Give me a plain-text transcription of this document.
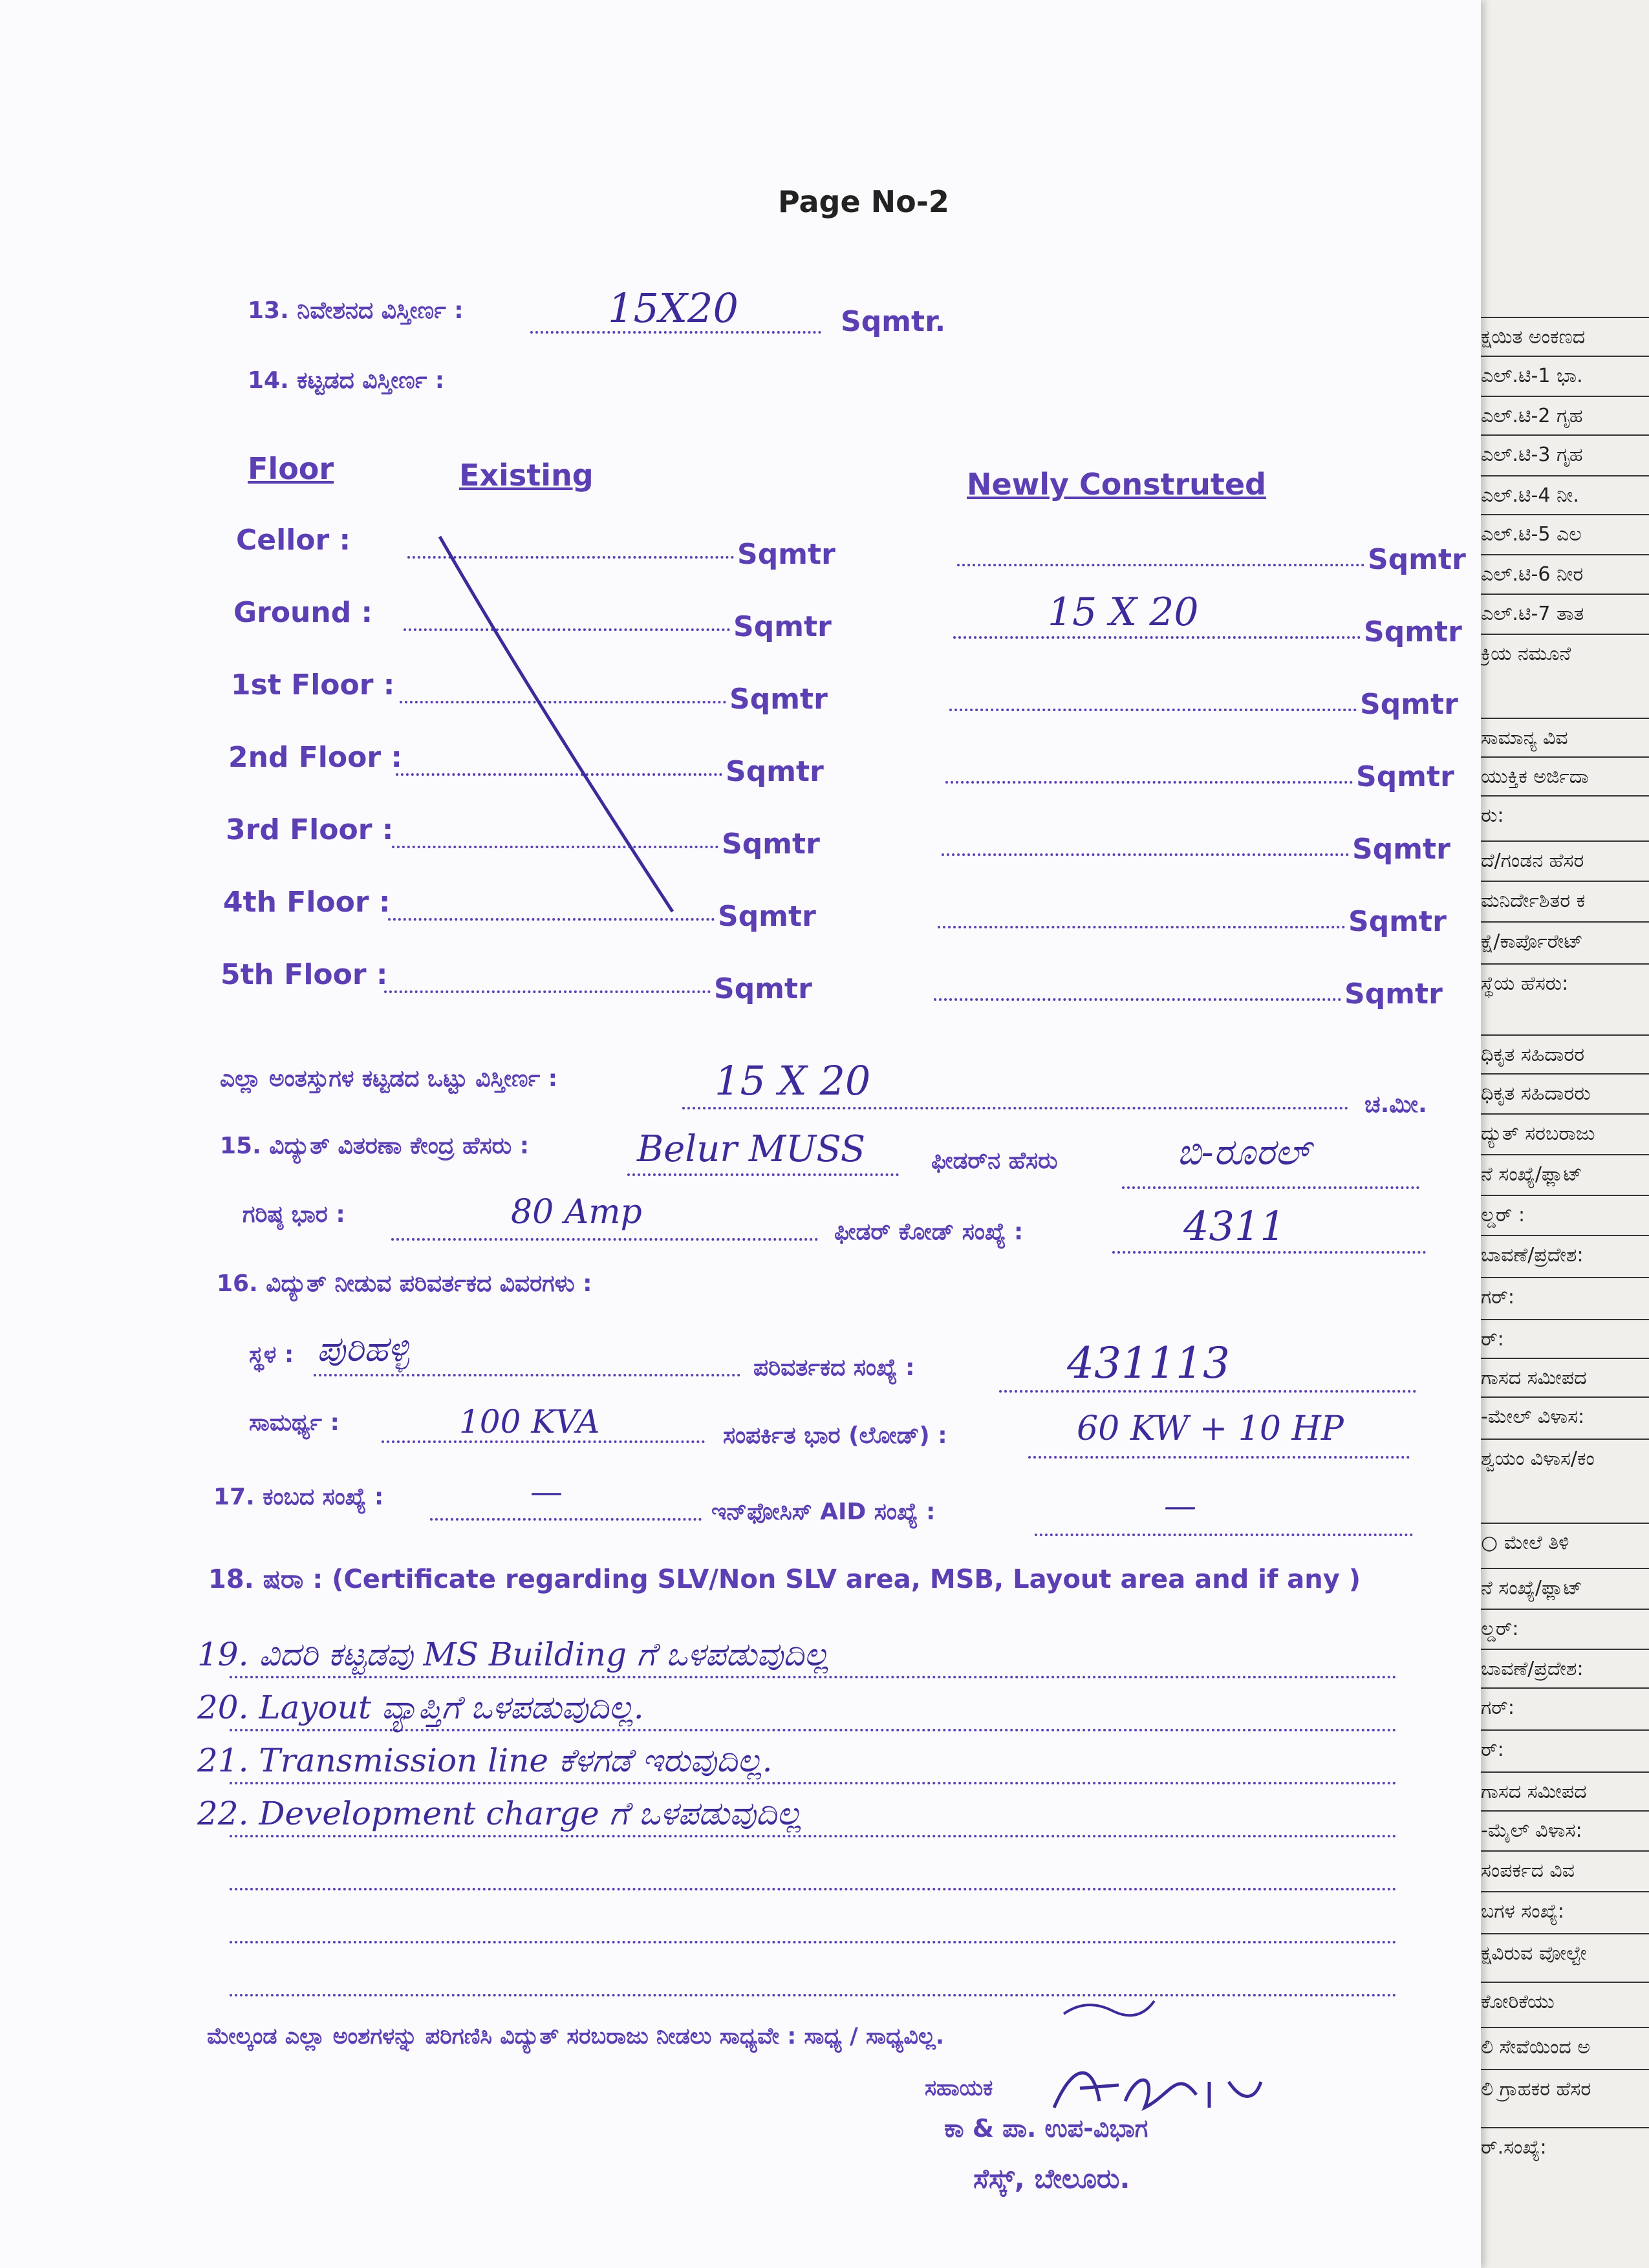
ಕ್ಷಯಿತ ಅಂಕಣದ
ಎಲ್.ಟಿ-1 ಭಾ.
ಎಲ್.ಟಿ-2 ಗೃಹ
ಎಲ್.ಟಿ-3 ಗೃಹ
ಎಲ್.ಟಿ-4 ನೀ.
ಎಲ್.ಟಿ-5 ಎಲ
ಎಲ್.ಟಿ-6 ನೀರ
ಎಲ್.ಟಿ-7 ತಾತ
ಕ್ರಿಯ ನಮೂನೆ
ಸಾಮಾನ್ಯ ವಿವ
ಯುಕ್ತಿಕ ಅರ್ಜಿದಾ
ರು:
ದೆ/ಗಂಡನ ಹೆಸರ
ಮನಿರ್ದೇಶಿತರ ಕ
ಕ್ಷೆ/ಕಾರ್ಪೊರೇಟ್
ಸ್ಥೆಯ ಹೆಸರು:
ಧಿಕೃತ ಸಹಿದಾರರ
ಧಿಕೃತ ಸಹಿದಾರರು
ದ್ಯುತ್ ಸರಬರಾಜು
ನೆ ಸಂಖ್ಯೆ/ಫ್ಲಾಟ್
ಲ್ಡರ್ :
ಬಾವಣೆ/ಪ್ರದೇಶ:
ಗರ್:
ರ್:
ಗಾಸದ ಸಮೀಪದ
-ಮೇಲ್ ವಿಳಾಸ:
ಶ್ವಯಂ ವಿಳಾಸ/ಕಂ
○ ಮೇಲೆ ತಿಳಿ
ನೆ ಸಂಖ್ಯೆ/ಫ್ಲಾಟ್
ಲ್ಡರ್:
ಬಾವಣೆ/ಪ್ರದೇಶ:
ಗರ್:
ರ್:
ಗಾಸದ ಸಮೀಪದ
-ಮೈಲ್ ವಿಳಾಸ:
ಸಂಪರ್ಕದ ವಿವ
ಬಗಳ ಸಂಖ್ಯೆ:
ಕ್ಷವಿರುವ ವೋಲ್ಟೇ
ಕೋರಿಕೆಯು
ಲಿ ಸೇವೆಯಿಂದ ಅ
ಲಿ ಗ್ರಾಹಕರ ಹೆಸರ
ರ್.ಸಂಖ್ಯೆ:
Page No-2
13. ನಿವೇಶನದ ವಿಸ್ತೀರ್ಣ :	15X20	Sqmtr.
14. ಕಟ್ಟಡದ ವಿಸ್ತೀರ್ಣ :
Floor	Existing	Newly Construted
Cellor :	Sqmtr	Sqmtr
Ground :	Sqmtr	15 X 20	Sqmtr
1st Floor :	Sqmtr	Sqmtr
2nd Floor :	Sqmtr	Sqmtr
3rd Floor :	Sqmtr	Sqmtr
4th Floor :	Sqmtr	Sqmtr
5th Floor :	Sqmtr	Sqmtr
ಎಲ್ಲಾ ಅಂತಸ್ತುಗಳ ಕಟ್ಟಡದ ಒಟ್ಟು ವಿಸ್ತೀರ್ಣ :	15 X 20
ಚ.ಮೀ.
15. ವಿದ್ಯುತ್ ವಿತರಣಾ ಕೇಂದ್ರ ಹೆಸರು :	Belur MUSS	ಫೀಡರ್‌ನ ಹೆಸರು	ಬಿ-ರೂರಲ್
ಗರಿಷ್ಠ ಭಾರ :	80 Amp
ಫೀಡರ್ ಕೋಡ್ ಸಂಖ್ಯೆ :	4311
16. ವಿದ್ಯುತ್ ನೀಡುವ ಪರಿವರ್ತಕದ ವಿವರಗಳು :
ಸ್ಥಳ : ಪುರಿಹಳ್ಳಿ	ಪರಿವರ್ತಕದ ಸಂಖ್ಯೆ :	431113
ಸಾಮರ್ಥ್ಯ :	100 KVA	ಸಂಪರ್ಕಿತ ಭಾರ (ಲೋಡ್) :	60 KW + 10 HP
17. ಕಂಬದ ಸಂಖ್ಯೆ :	—
ಇನ್‌ಫೋಸಿಸ್ AID ಸಂಖ್ಯೆ :	—
18. ಷರಾ : (Certificate regarding SLV/Non SLV area, MSB, Layout area and if any )
19. ವಿದರಿ ಕಟ್ಟಡವು MS Building ಗೆ ಒಳಪಡುವುದಿಲ್ಲ
20. Layout ವ್ಯಾಪ್ತಿಗೆ ಒಳಪಡುವುದಿಲ್ಲ.
21. Transmission line ಕೆಳಗಡೆ ಇರುವುದಿಲ್ಲ.
22. Development charge ಗೆ ಒಳಪಡುವುದಿಲ್ಲ
ಮೇಲ್ಕಂಡ ಎಲ್ಲಾ ಅಂಶಗಳನ್ನು ಪರಿಗಣಿಸಿ ವಿದ್ಯುತ್ ಸರಬರಾಜು ನೀಡಲು ಸಾಧ್ಯವೇ : ಸಾಧ್ಯ / ಸಾಧ್ಯವಿಲ್ಲ.
ಸಹಾಯಕ
ಕಾ & ಪಾ. ಉಪ-ವಿಭಾಗ
ಸೆಸ್ಕ್, ಬೇಲೂರು.
